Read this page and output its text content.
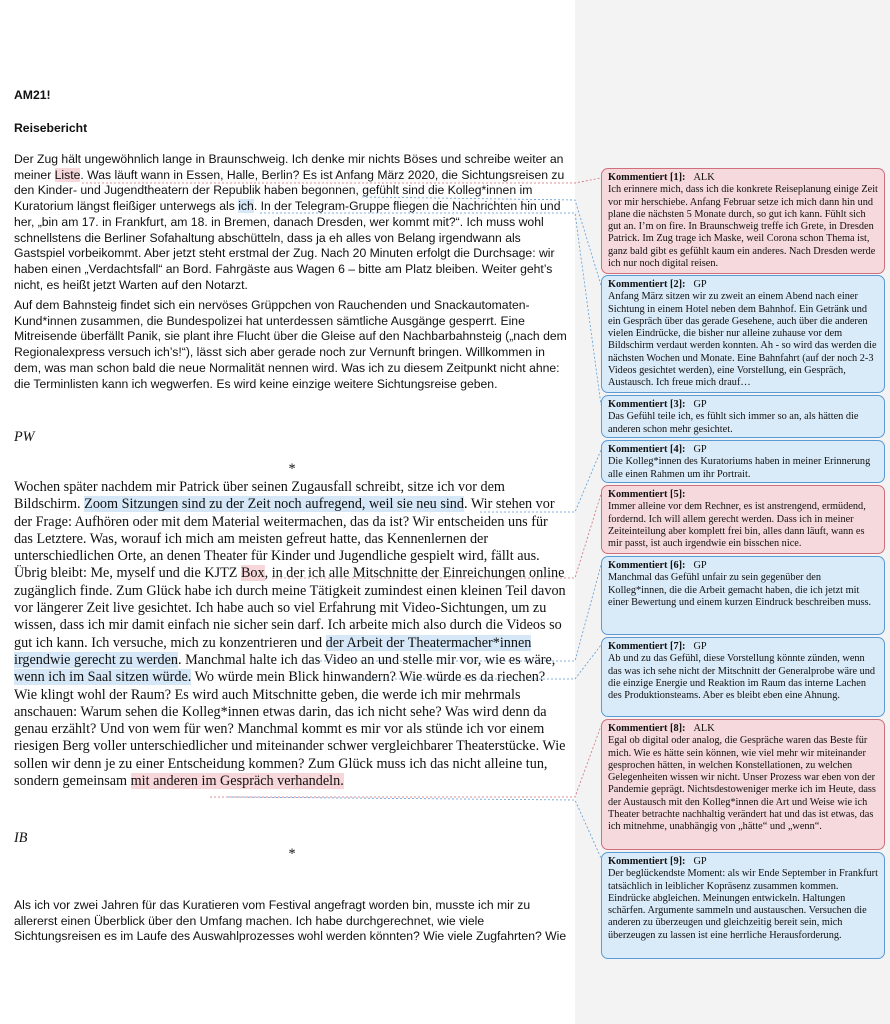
AM21!

Reisebericht

Der Zug hält ungewöhnlich lange in Braunschweig. Ich denke mir nichts Böses und schreibe weiter an meiner Liste. Was läuft wann in Essen, Halle, Berlin? Es ist Anfang März 2020, die Sichtungsreisen zu den Kinder- und Jugendtheatern der Republik haben begonnen, gefühlt sind die Kolleg*innen im Kuratorium längst fleißiger unterwegs als ich. In der Telegram-Gruppe fliegen die Nachrichten hin und her, „bin am 17. in Frankfurt, am 18. in Bremen, danach Dresden, wer kommt mit?“. Ich muss wohl schnellstens die Berliner Sofahaltung abschütteln, dass ja eh alles von Belang irgendwann als Gastspiel vorbeikommt. Aber jetzt steht erstmal der Zug. Nach 20 Minuten erfolgt die Durchsage: wir haben einen „Verdachtsfall“ an Bord. Fahrgäste aus Wagen 6 – bitte am Platz bleiben. Weiter geht’s nicht, es heißt jetzt Warten auf den Notarzt.

Auf dem Bahnsteig findet sich ein nervöses Grüppchen von Rauchenden und Snackautomaten-Kund*innen zusammen, die Bundespolizei hat unterdessen sämtliche Ausgänge gesperrt. Eine Mitreisende überfällt Panik, sie plant ihre Flucht über die Gleise auf den Nachbarbahnsteig („nach dem Regionalexpress versuch ich’s!“), lässt sich aber gerade noch zur Vernunft bringen. Willkommen in dem, was man schon bald die neue Normalität nennen wird. Was ich zu diesem Zeitpunkt nicht ahne: die Terminlisten kann ich wegwerfen. Es wird keine einzige weitere Sichtungsreise geben.

PW

*

Wochen später nachdem mir Patrick über seinen Zugausfall schreibt, sitze ich vor dem Bildschirm. Zoom Sitzungen sind zu der Zeit noch aufregend, weil sie neu sind. Wir stehen vor der Frage: Aufhören oder mit dem Material weitermachen, das da ist? Wir entscheiden uns für das Letztere. Was, worauf ich mich am meisten gefreut hatte, das Kennenlernen der unterschiedlichen Orte, an denen Theater für Kinder und Jugendliche gespielt wird, fällt aus. Übrig bleibt: Me, myself und die KJTZ Box, in der ich alle Mitschnitte der Einreichungen online zugänglich finde. Zum Glück habe ich durch meine Tätigkeit zumindest einen kleinen Teil davon vor längerer Zeit live gesichtet. Ich habe auch so viel Erfahrung mit Video-Sichtungen, um zu wissen, dass ich mir damit einfach nie sicher sein darf. Ich arbeite mich also durch die Videos so gut ich kann. Ich versuche, mich zu konzentrieren und der Arbeit der Theatermacher*innen irgendwie gerecht zu werden. Manchmal halte ich das Video an und stelle mir vor, wie es wäre, wenn ich im Saal sitzen würde. Wo würde mein Blick hinwandern? Wie würde es da riechen? Wie klingt wohl der Raum? Es wird auch Mitschnitte geben, die werde ich mir mehrmals anschauen: Warum sehen die Kolleg*innen etwas darin, das ich nicht sehe? Was wird denn da genau erzählt? Und von wem für wen? Manchmal kommt es mir vor als stünde ich vor einem riesigen Berg voller unterschiedlicher und miteinander schwer vergleichbarer Theaterstücke. Wie sollen wir denn je zu einer Entscheidung kommen? Zum Glück muss ich das nicht alleine tun, sondern gemeinsam mit anderen im Gespräch verhandeln.

IB

*

Als ich vor zwei Jahren für das Kuratieren vom Festival angefragt worden bin, musste ich mir zu allererst einen Überblick über den Umfang machen. Ich habe durchgerechnet, wie viele Sichtungsreisen es im Laufe des Auswahlprozesses wohl werden könnten? Wie viele Zugfahrten? Wie

Kommentiert [1]: ALK
Ich erinnere mich, dass ich die konkrete Reiseplanung einige Zeit vor mir herschiebe. Anfang Februar setze ich mich dann hin und plane die nächsten 5 Monate durch, so gut ich kann. Fühlt sich gut an. I’m on fire. In Braunschweig treffe ich Grete, in Dresden Patrick. Im Zug trage ich Maske, weil Corona schon Thema ist, ganz bald gibt es gefühlt kaum ein anderes. Nach Dresden werde ich nur noch digital reisen.
Kommentiert [2]: GP
Anfang März sitzen wir zu zweit an einem Abend nach einer Sichtung in einem Hotel neben dem Bahnhof. Ein Getränk und ein Gespräch über das gerade Gesehene, auch über die anderen vielen Eindrücke, die bisher nur alleine zuhause vor dem Bildschirm verdaut werden konnten. Ah - so wird das werden die nächsten Wochen und Monate. Eine Bahnfahrt (auf der noch 2-3 Videos gesichtet werden), eine Vorstellung, ein Gespräch, Austausch. Ich freue mich drauf…
Kommentiert [3]: GP
Das Gefühl teile ich, es fühlt sich immer so an, als hätten die anderen schon mehr gesichtet.
Kommentiert [4]: GP
Die Kolleg*innen des Kuratoriums haben in meiner Erinnerung alle einen Rahmen um ihr Portrait.
Kommentiert [5]:
Immer alleine vor dem Rechner, es ist anstrengend, ermüdend, fordernd. Ich will allem gerecht werden. Dass ich in meiner Zeiteinteilung aber komplett frei bin, alles dann läuft, wann es mir passt, ist auch irgendwie ein bisschen nice.
Kommentiert [6]: GP
Manchmal das Gefühl unfair zu sein gegenüber den Kolleg*innen, die die Arbeit gemacht haben, die ich jetzt mit einer Bewertung und einem kurzen Eindruck beschreiben muss.
Kommentiert [7]: GP
Ab und zu das Gefühl, diese Vorstellung könnte zünden, wenn das was ich sehe nicht der Mitschnitt der Generalprobe wäre und die einzige Energie und Reaktion im Raum das interne Lachen des Produktionsteams. Aber es bleibt eben eine Ahnung.
Kommentiert [8]: ALK
Egal ob digital oder analog, die Gespräche waren das Beste für mich. Wie es hätte sein können, wie viel mehr wir miteinander gesprochen hätten, in welchen Konstellationen, zu welchen Gelegenheiten wissen wir nicht. Unser Prozess war eben von der Pandemie geprägt. Nichtsdestoweniger merke ich im Heute, dass der Austausch mit den Kolleg*innen die Art und Weise wie ich Theater betrachte nachhaltig verändert hat und das ist etwas, das ich mitnehme, unabhängig von „hätte“ und „wenn“.
Kommentiert [9]: GP
Der beglückendste Moment: als wir Ende September in Frankfurt tatsächlich in leiblicher Kopräsenz zusammen kommen. Eindrücke abgleichen. Meinungen entwickeln. Haltungen schärfen. Argumente sammeln und austauschen. Versuchen die anderen zu überzeugen und gleichzeitig bereit sein, mich überzeugen zu lassen ist eine herrliche Herausforderung.
